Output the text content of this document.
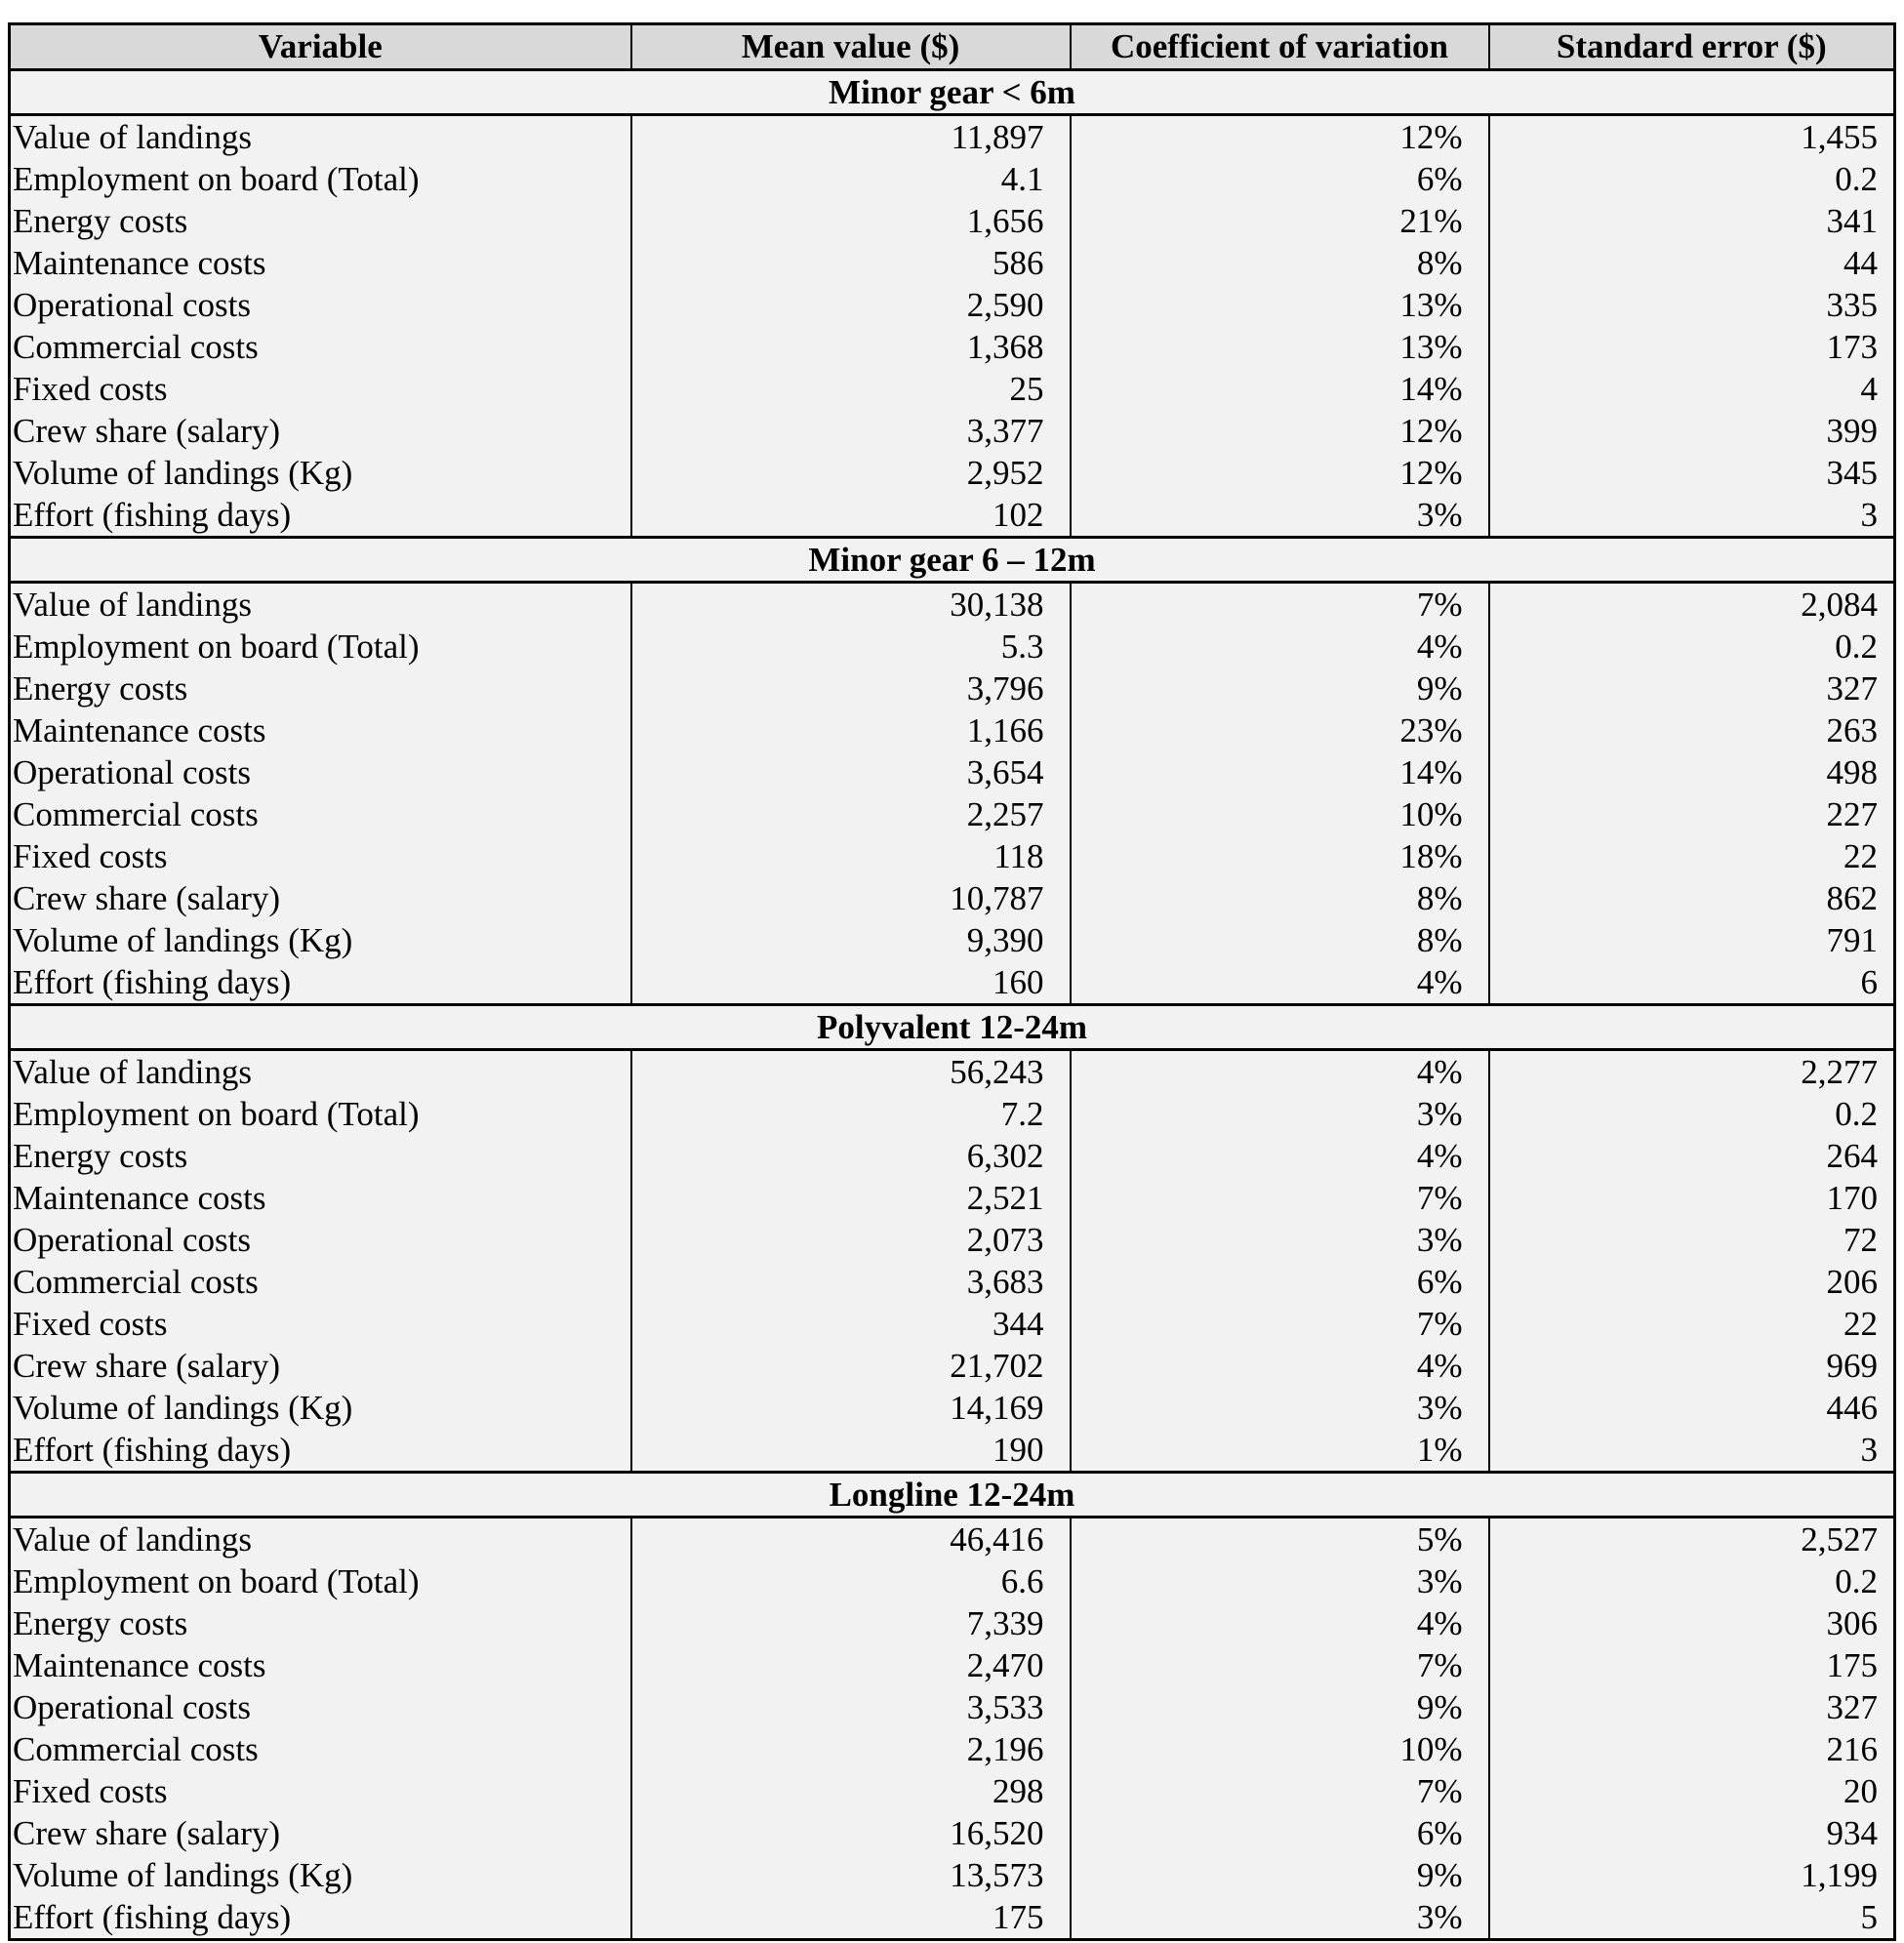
Variable	Mean value ($)	Coefficient of variation	Standard error ($)
Minor gear < 6m			
Value of landings	11,897	12%	1,455
Employment on board (Total)	4.1	6%	0.2
Energy costs	1,656	21%	341
Maintenance costs	586	8%	44
Operational costs	2,590	13%	335
Commercial costs	1,368	13%	173
Fixed costs	25	14%	4
Crew share (salary)	3,377	12%	399
Volume of landings (Kg)	2,952	12%	345
Effort (fishing days)	102	3%	3
Minor gear 6 – 12m			
Value of landings	30,138	7%	2,084
Employment on board (Total)	5.3	4%	0.2
Energy costs	3,796	9%	327
Maintenance costs	1,166	23%	263
Operational costs	3,654	14%	498
Commercial costs	2,257	10%	227
Fixed costs	118	18%	22
Crew share (salary)	10,787	8%	862
Volume of landings (Kg)	9,390	8%	791
Effort (fishing days)	160	4%	6
Polyvalent 12-24m			
Value of landings	56,243	4%	2,277
Employment on board (Total)	7.2	3%	0.2
Energy costs	6,302	4%	264
Maintenance costs	2,521	7%	170
Operational costs	2,073	3%	72
Commercial costs	3,683	6%	206
Fixed costs	344	7%	22
Crew share (salary)	21,702	4%	969
Volume of landings (Kg)	14,169	3%	446
Effort (fishing days)	190	1%	3
Longline 12-24m			
Value of landings	46,416	5%	2,527
Employment on board (Total)	6.6	3%	0.2
Energy costs	7,339	4%	306
Maintenance costs	2,470	7%	175
Operational costs	3,533	9%	327
Commercial costs	2,196	10%	216
Fixed costs	298	7%	20
Crew share (salary)	16,520	6%	934
Volume of landings (Kg)	13,573	9%	1,199
Effort (fishing days)	175	3%	5
